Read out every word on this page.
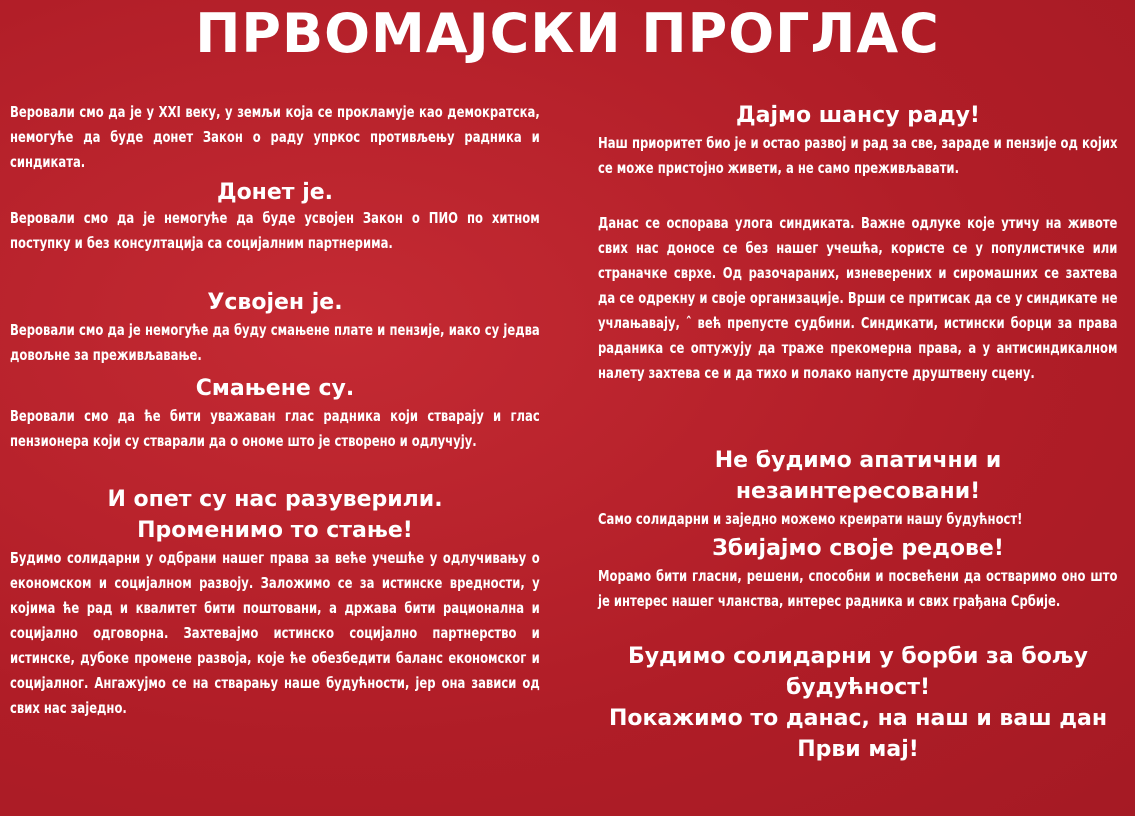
ПРВОМАЈСКИ ПРОГЛАС
Веровали смо да је у XXI веку, у земљи која се прокламује као демократска, немогуће да буде донет Закон о раду упркос противљењу радника и синдиката.
Донет је.
Веровали смо да је немогуће да буде усвојен Закон о ПИО по хитном поступку и без консултација са социјалним партнерима.
Усвојен је.
Веровали смо да је немогуће да буду смањене плате и пензије, иако су једва довољне за преживљавање.
Смањене су.
Веровали смо да ће бити уважаван глас радника који стварају и глас пензионера који су стварали да о ономе што је створено и одлучују.
И опет су нас разуверили.
Променимо то стање!
Будимо солидарни у одбрани нашег права за веће учешће у одлучивању о економском и социјалном развоју. Заложимо се за истинске вредности, у којима ће рад и квалитет бити поштовани, а држава бити рационална и социјално одговорна. Захтевајмо истинско социјално партнерство и истинске, дубоке промене развоја, које ће обезбедити баланс економског и социјалног. Ангажујмо се на стварању наше будућности, јер она зависи од свих нас заједно.
Дајмо шансу раду!
Наш приоритет био је и остао развој и рад за све, зараде и пензије од којих се може пристојно живети, а не само преживљавати.
Данас се оспорава улога синдиката. Важне одлуке које утичу на животе свих нас доносе се без нашег учешћа, користе се у популистичке или страначке сврхе. Од разочараних, изневерених и сиромашних се захтева да се одрекну и своје организације. Врши се притисак да се у синдикате не учлањавају, ˆ већ препусте судбини. Синдикати, истински борци за права раданика се оптужују да траже прекомерна права, а у антисиндикалном налету захтева се и да тихо и полако напусте друштвену сцену.
Не будимо апатични и
незаинтересовани!
Само солидарни и заједно можемо креирати нашу будућност!
Збијајмо своје редове!
Морамо бити гласни, решени, способни и посвећени да остваримо оно што је интерес нашег чланства, интерес радника и свих грађана Србије.
Будимо солидарни у борби за бољу
будућност!
Покажимо то данас, на наш и ваш дан
Први мај!
